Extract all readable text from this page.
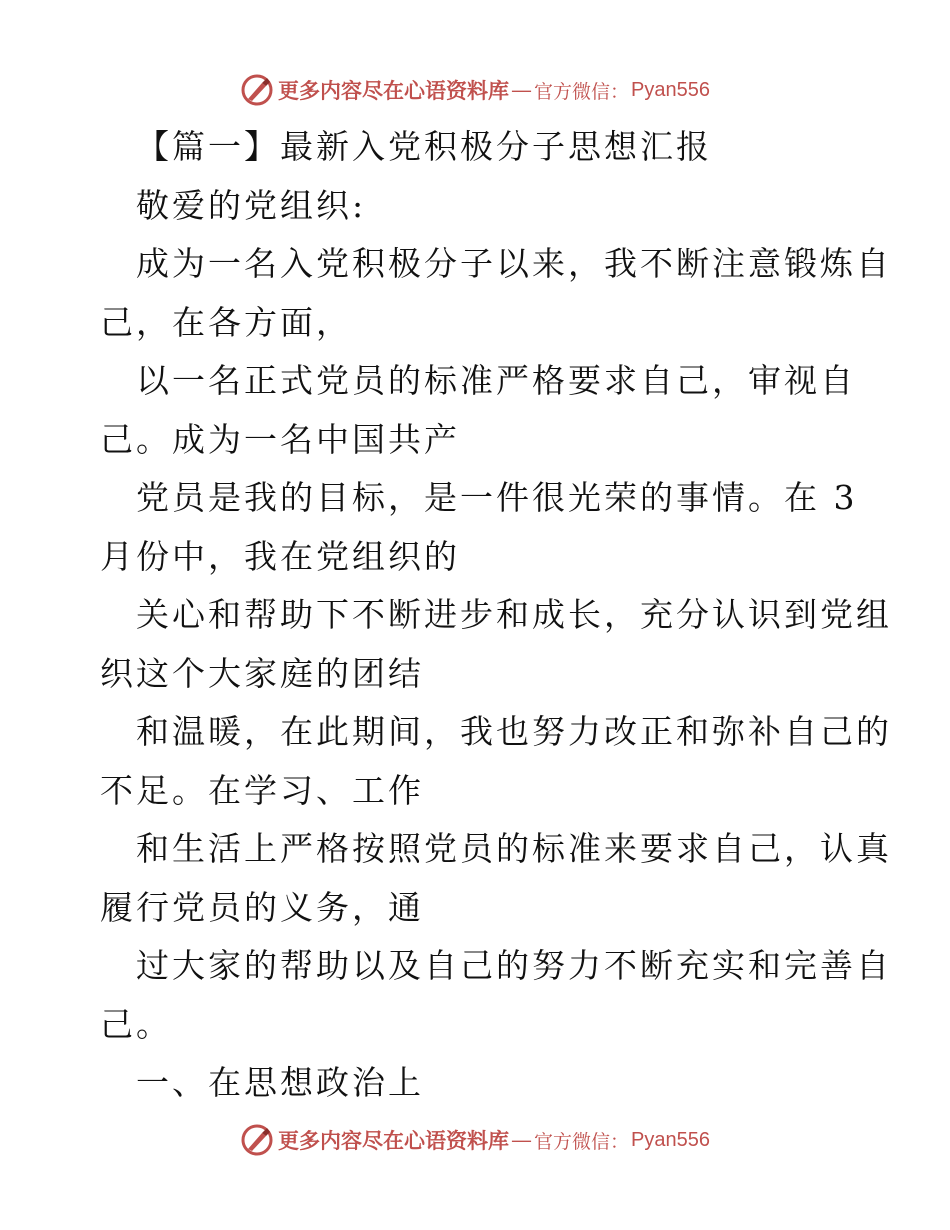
更多内容尽在心语资料库 — 官方微信： Pyan556
【篇一】最新入党积极分子思想汇报
敬爱的党组织:
成为一名入党积极分子以来，我不断注意锻炼自
己，在各方面，
以一名正式党员的标准严格要求自己，审视自
己。成为一名中国共产
党员是我的目标，是一件很光荣的事情。在 3
月份中，我在党组织的
关心和帮助下不断进步和成长，充分认识到党组
织这个大家庭的团结
和温暖，在此期间，我也努力改正和弥补自己的
不足。在学习、工作
和生活上严格按照党员的标准来要求自己，认真
履行党员的义务，通
过大家的帮助以及自己的努力不断充实和完善自
己。
一、在思想政治上
更多内容尽在心语资料库 — 官方微信： Pyan556
